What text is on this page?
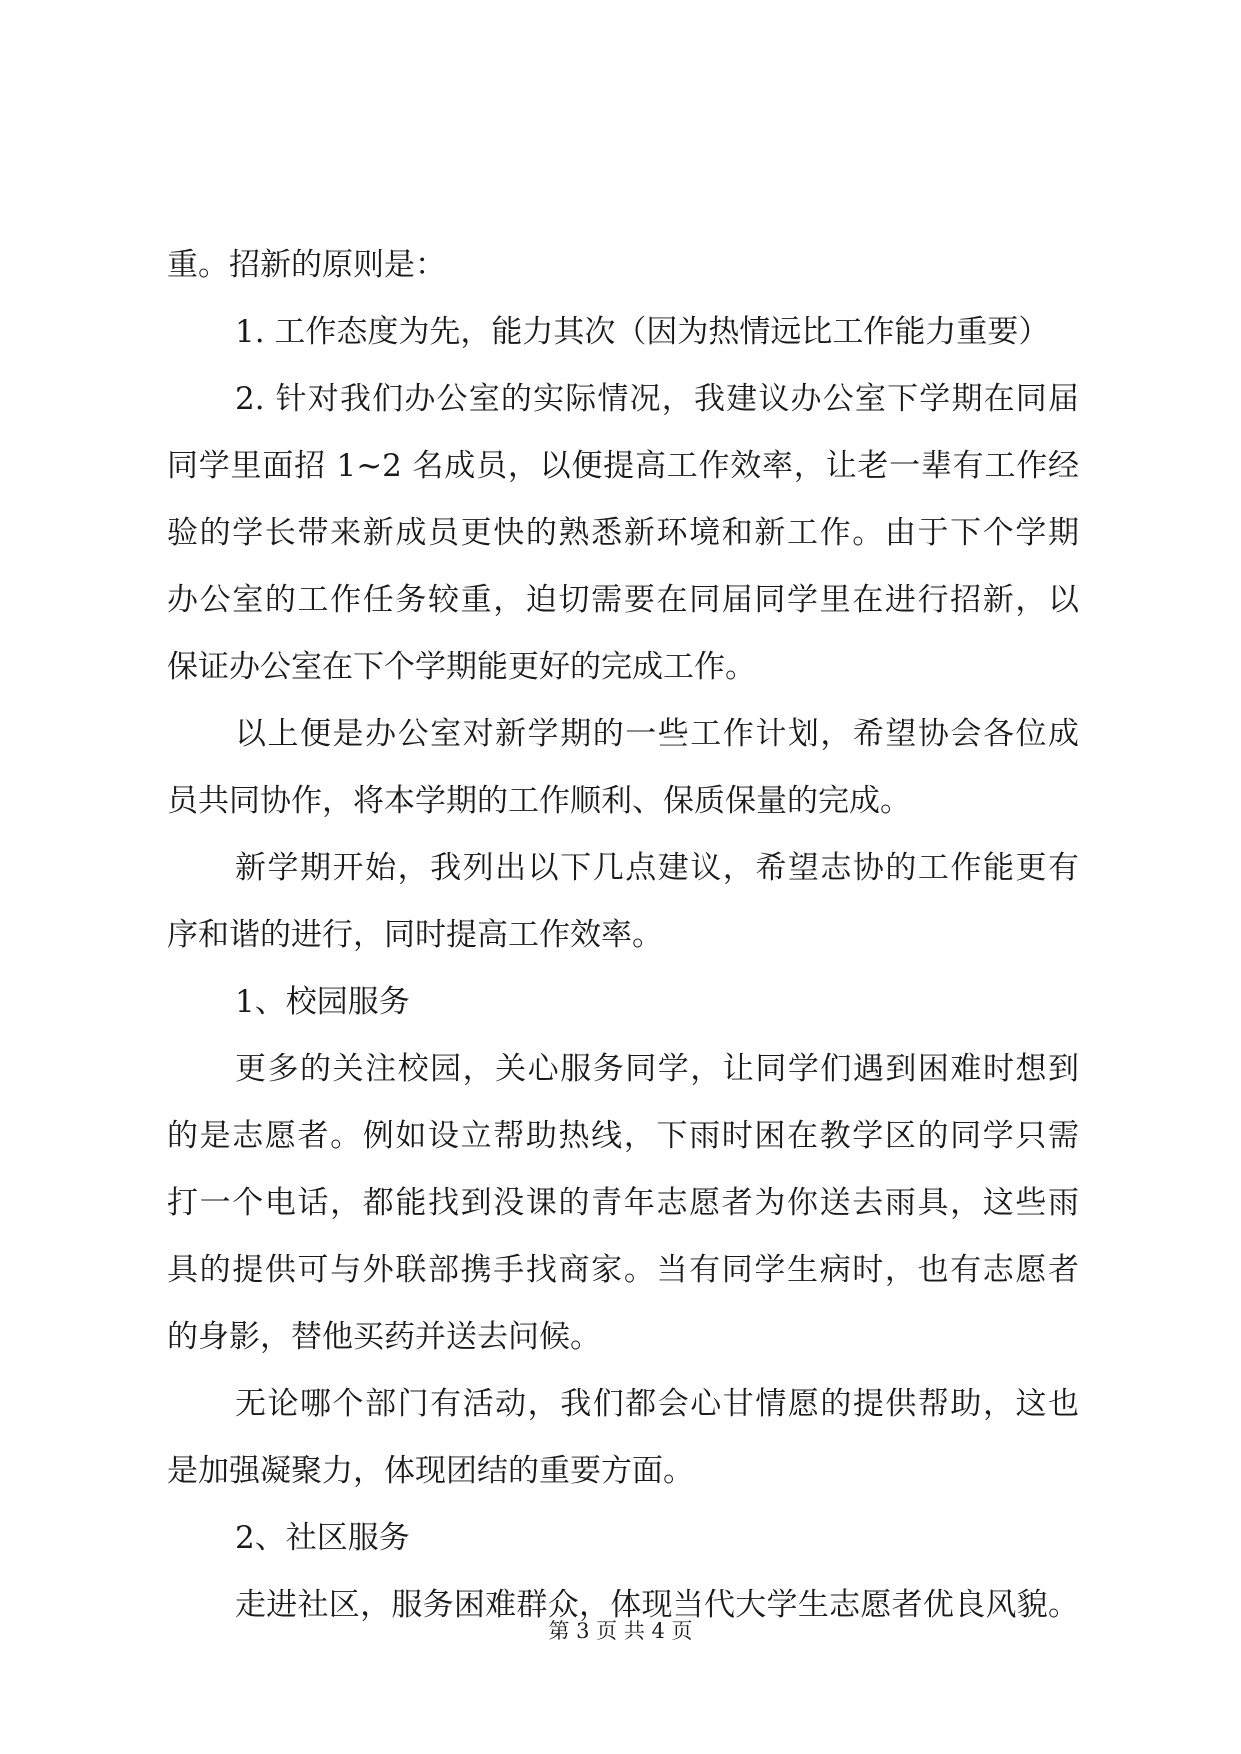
重。招新的原则是：
1. 工作态度为先，能力其次（因为热情远比工作能力重要）
2. 针对我们办公室的实际情况，我建议办公室下学期在同届
同学里面招 1~2 名成员，以便提高工作效率，让老一辈有工作经
验的学长带来新成员更快的熟悉新环境和新工作。由于下个学期
办公室的工作任务较重，迫切需要在同届同学里在进行招新，以
保证办公室在下个学期能更好的完成工作。
以上便是办公室对新学期的一些工作计划，希望协会各位成
员共同协作，将本学期的工作顺利、保质保量的完成。
新学期开始，我列出以下几点建议，希望志协的工作能更有
序和谐的进行，同时提高工作效率。
1、校园服务
更多的关注校园，关心服务同学，让同学们遇到困难时想到
的是志愿者。例如设立帮助热线，下雨时困在教学区的同学只需
打一个电话，都能找到没课的青年志愿者为你送去雨具，这些雨
具的提供可与外联部携手找商家。当有同学生病时，也有志愿者
的身影，替他买药并送去问候。
无论哪个部门有活动，我们都会心甘情愿的提供帮助，这也
是加强凝聚力，体现团结的重要方面。
2、社区服务
走进社区，服务困难群众，体现当代大学生志愿者优良风貌。
第 3 页 共 4 页
